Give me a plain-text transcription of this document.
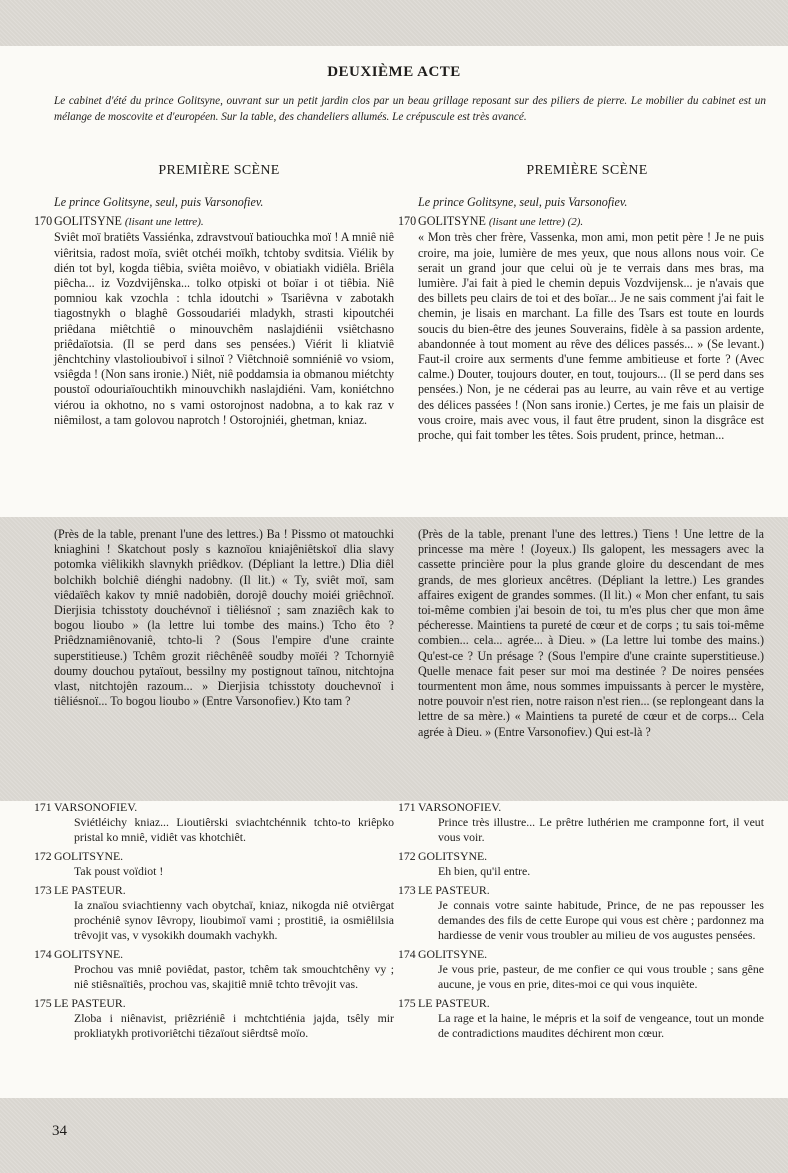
DEUXIÈME ACTE
Le cabinet d'été du prince Golitsyne, ouvrant sur un petit jardin clos par un beau grillage reposant sur des piliers de pierre. Le mobilier du cabinet est un mélange de moscovite et d'européen. Sur la table, des chandeliers allumés. Le crépuscule est très avancé.
PREMIÈRE SCÈNE	PREMIÈRE SCÈNE
Le prince Golitsyne, seul, puis Varsonofiev.
170 GOLITSYNE (lisant une lettre).
Sviêt moï bratiêts Vassiénka, zdravstvouï batiouchka moï ! A mniê niê viêritsia, radost moïa, sviêt otchéi moïkh, tchtoby svditsia. Viélik by dién tot byl, kogda tiêbia, sviêta moiêvo, v obiatiakh vidiêla. Briêla piêcha... iz Vozdvijênska... tolko otpiski ot boïar i ot tiêbia. Niê pomniou kak vzochla : tchla idoutchi » Tsariêvna v zabotakh tiagostnykh o blaghê Gossoudariéi mladykh, strasti kipoutchéi priêdana miêtchtiê o minouvchêm naslajdiénii vsiêtchasno priêdaïotsia. (Il se perd dans ses pensées.) Viérit li kliatviê jênchtchiny vlastolioubivoï i silnoï ? Viêtchnoiê somniéniê vo vsiom, vsiêgda ! (Non sans ironie.) Niêt, niê poddamsia ia obmanou miétchty poustoï odouriaïouchtikh minouvchikh naslajdiéni. Vam, koniétchno viérou ia okhotno, no s vami ostorojnost nadobna, a to kak raz v niêmilost, a tam golovou naprotch ! Ostorojniéi, ghetman, kniaz.
Le prince Golitsyne, seul, puis Varsonofiev.
170 GOLITSYNE (lisant une lettre) (2).
« Mon très cher frère, Vassenka, mon ami, mon petit père ! Je ne puis croire, ma joie, lumière de mes yeux, que nous allons nous voir. Ce serait un grand jour que celui où je te verrais dans mes bras, ma lumière. J'ai fait à pied le chemin depuis Vozdvijensk... je n'avais que des billets peu clairs de toi et des boïar... Je ne sais comment j'ai fait le chemin, je lisais en marchant. La fille des Tsars est toute en lourds soucis du bien-être des jeunes Souverains, fidèle à sa passion ardente, abandonnée à tout moment au rêve des délices passés... » (Se levant.) Faut-il croire aux serments d'une femme ambitieuse et forte ? (Avec calme.) Douter, toujours douter, en tout, toujours... (Il se perd dans ses pensées.) Non, je ne céderai pas au leurre, au vain rêve et au vertige des délices passées ! (Non sans ironie.) Certes, je me fais un plaisir de vous croire, mais avec vous, il faut être prudent, sinon la disgrâce est proche, qui fait tomber les têtes. Sois prudent, prince, hetman...
(Près de la table, prenant l'une des lettres.) Ba ! Pissmo ot matouchki kniaghini ! Skatchout posly s kaznoïou kniajêniêtskoï dlia slavy potomka viêlikikh slavnykh priêdkov. (Dépliant la lettre.) Dlia diêl bolchikh bolchiê diénghi nadobny. (Il lit.) « Ty, sviêt moï, sam viêdaïêch kakov ty mniê nadobiên, dorojê douchy moiéi griêchnoï. Dierjisia tchisstoty douchévnoï i tiêliésnoï ; sam znaziêch kak to bogou lioubo » (la lettre lui tombe des mains.) Tcho êto ? Priêdznamiênovaniê, tchto-li ? (Sous l'empire d'une crainte superstitieuse.) Tchêm grozit riêchênêê soudby moïéi ? Tchornyiê doumy douchou pytaïout, bessilny my postignout taïnou, nitchtojna vlast, nitchtojên razoum... » Dierjisia tchisstoty douchevnoï i tiêliésnoï... To bogou lioubo » (Entre Varsonofiev.) Kto tam ?
(Près de la table, prenant l'une des lettres.) Tiens ! Une lettre de la princesse ma mère ! (Joyeux.) Ils galopent, les messagers avec la cassette princière pour la plus grande gloire du descendant de mes grands, de mes glorieux ancêtres. (Dépliant la lettre.) Les grandes affaires exigent de grandes sommes. (Il lit.) « Mon cher enfant, tu sais toi-même combien j'ai besoin de toi, tu m'es plus cher que mon âme pécheresse. Maintiens ta pureté de cœur et de corps ; tu sais toi-même combien... cela... agrée... à Dieu. » (La lettre lui tombe des mains.) Qu'est-ce ? Un présage ? (Sous l'empire d'une crainte superstitieuse.) Quelle menace fait peser sur moi ma destinée ? De noires pensées tourmentent mon âme, nous sommes impuissants à percer le mystère, notre pouvoir n'est rien, notre raison n'est rien... (se replongeant dans la lettre de sa mère.) « Maintiens ta pureté de cœur et de corps... Cela agrée à Dieu. » (Entre Varsonofiev.) Qui est-là ?
171 VARSONOFIEV.
Sviétléichy kniaz... Lioutiêrski sviachtchénnik tchto-to kriêpko pristal ko mniê, vidiêt vas khotchiêt.
172 GOLITSYNE.
Tak poust voïdiot !
173 LE PASTEUR.
Ia znaïou sviachtienny vach obytchaï, kniaz, nikogda niê otviêrgat prochéniê synov Iêvropy, lioubimoï vami ; prostitiê, ia osmiêlilsia trêvojit vas, v vysokikh doumakh vachykh.
174 GOLITSYNE.
Prochou vas mniê poviêdat, pastor, tchêm tak smouchtchêny vy ; niê stiêsnaïtiês, prochou vas, skajitiê mniê tchto trêvojit vas.
175 LE PASTEUR.
Zloba i niênavist, priêzriéniê i mchtchtiénia jajda, tsêly mir prokliatykh protivoriêtchi tiêzaïout siêrdtsê moïo.
171 VARSONOFIEV.
Prince très illustre... Le prêtre luthérien me cramponne fort, il veut vous voir.
172 GOLITSYNE.
Eh bien, qu'il entre.
173 LE PASTEUR.
Je connais votre sainte habitude, Prince, de ne pas repousser les demandes des fils de cette Europe qui vous est chère ; pardonnez ma hardiesse de venir vous troubler au milieu de vos augustes pensées.
174 GOLITSYNE.
Je vous prie, pasteur, de me confier ce qui vous trouble ; sans gêne aucune, je vous en prie, dites-moi ce qui vous inquiète.
175 LE PASTEUR.
La rage et la haine, le mépris et la soif de vengeance, tout un monde de contradictions maudites déchirent mon cœur.
34
